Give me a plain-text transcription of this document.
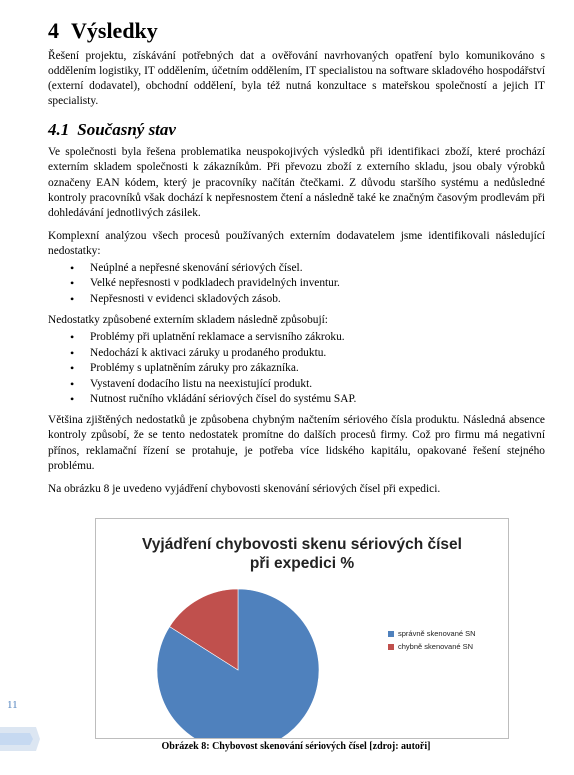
4 Výsledky

Řešení projektu, získávání potřebných dat a ověřování navrhovaných opatření bylo komunikováno s oddělením logistiky, IT oddělením, účetním oddělením, IT specialistou na software skladového hospodářství (externí dodavatel), obchodní oddělení, byla též nutná konzultace s mateřskou společností a jejich IT specialisty.

4.1 Současný stav

Ve společnosti byla řešena problematika neuspokojivých výsledků při identifikaci zboží, které prochází externím skladem společnosti k zákazníkům. Při převozu zboží z externího skladu, jsou obaly výrobků označeny EAN kódem, který je pracovníky načítán čtečkami. Z důvodu staršího systému a nedůsledné kontroly pracovníků však dochází k nepřesnostem čtení a následně také ke značným časovým prodlevám při dohledávání jednotlivých zásilek.

Komplexní analýzou všech procesů používaných externím dodavatelem jsme identifikovali následující nedostatky:

• Neúplné a nepřesné skenování sériových čísel.
• Velké nepřesnosti v podkladech pravidelných inventur.
• Nepřesnosti v evidenci skladových zásob.

Nedostatky způsobené externím skladem následně způsobují:

• Problémy při uplatnění reklamace a servisního zákroku.
• Nedochází k aktivaci záruky u prodaného produktu.
• Problémy s uplatněním záruky pro zákazníka.
• Vystavení dodacího listu na neexistující produkt.
• Nutnost ručního vkládání sériových čísel do systému SAP.

Většina zjištěných nedostatků je způsobena chybným načtením sériového čísla produktu. Následná absence kontroly způsobí, že se tento nedostatek promítne do dalších procesů firmy. Což pro firmu má negativní přínos, reklamační řízení se protahuje, je potřeba více lidského kapitálu, opakované řešení stejného problému.

Na obrázku 8 je uvedeno vyjádření chybovosti skenování sériových čísel při expedici.

Vyjádření chybovosti skenu sériových čísel
při expedici %
správně skenované SN
chybně skenované SN
Obrázek 8: Chybovost skenování sériových čísel [zdroj: autoři]
11
